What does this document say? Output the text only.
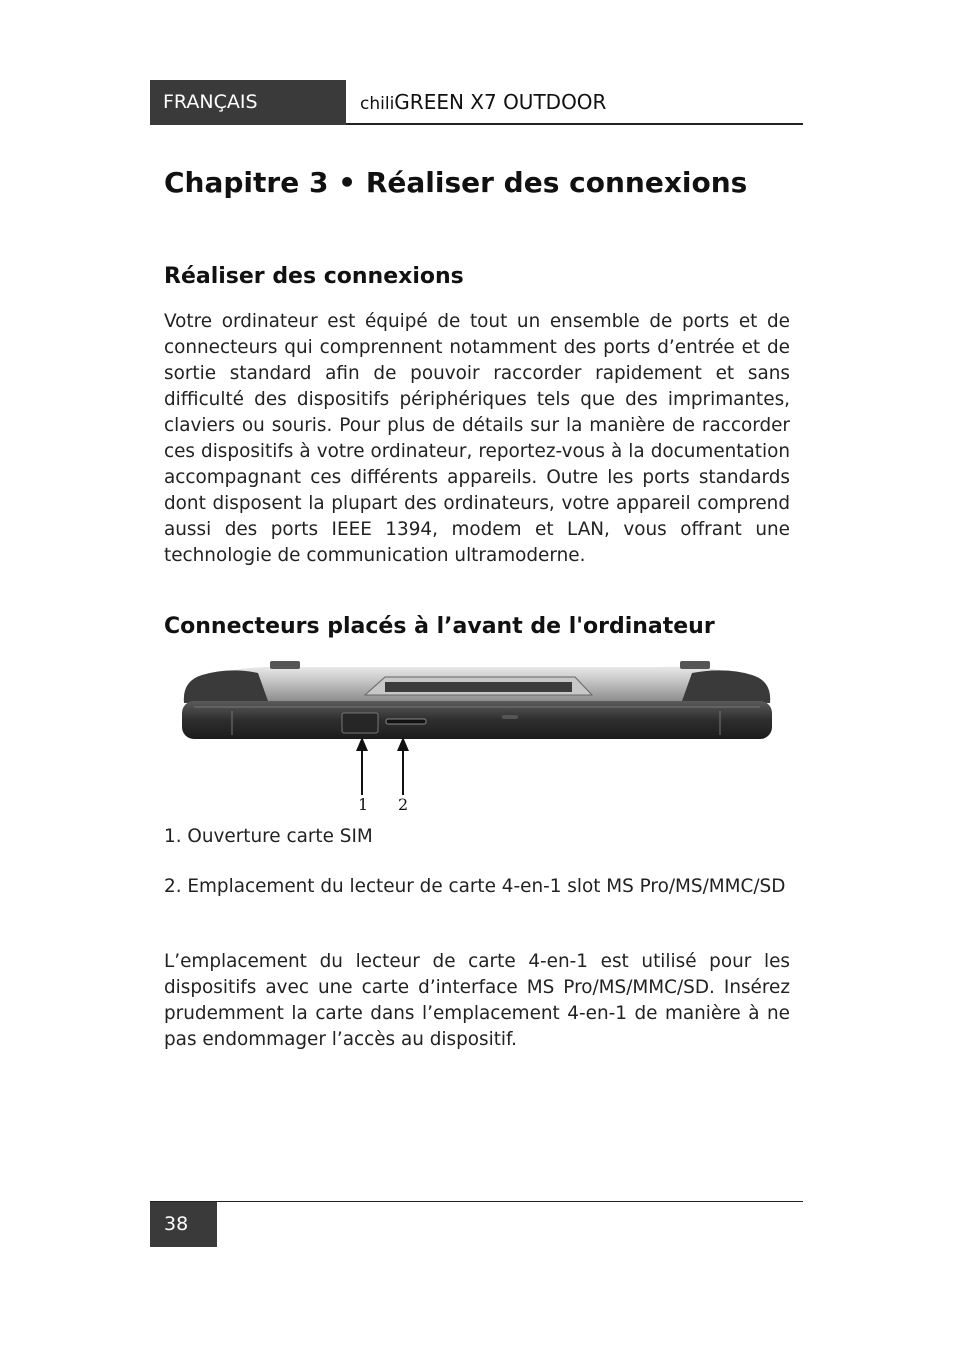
FRANÇAIS	chiliGREEN X7 OUTDOOR
Chapitre 3 • Réaliser des connexions
Réaliser des connexions
Votre ordinateur est équipé de tout un ensemble de ports et de connecteurs qui comprennent notamment des ports d’entrée et de sortie standard afin de pouvoir raccorder rapidement et sans difficulté des dispositifs périphériques tels que des imprimantes, claviers ou souris. Pour plus de détails sur la manière de raccorder ces dispositifs à votre ordinateur, reportez-vous à la documentation accompagnant ces différents appareils. Outre les ports standards dont disposent la plupart des ordinateurs, votre appareil comprend aussi des ports IEEE 1394, modem et LAN, vous offrant une technologie de communication ultramoderne.
Connecteurs placés à l’avant de l'ordinateur
1 2
1. Ouverture carte SIM
2. Emplacement du lecteur de carte 4-en-1 slot MS Pro/MS/MMC/SD
L’emplacement du lecteur de carte 4-en-1 est utilisé pour les dispositifs avec une carte d’interface MS Pro/MS/MMC/SD. Insérez prudemment la carte dans l’emplacement 4-en-1 de manière à ne pas endommager l’accès au dispositif.
38
